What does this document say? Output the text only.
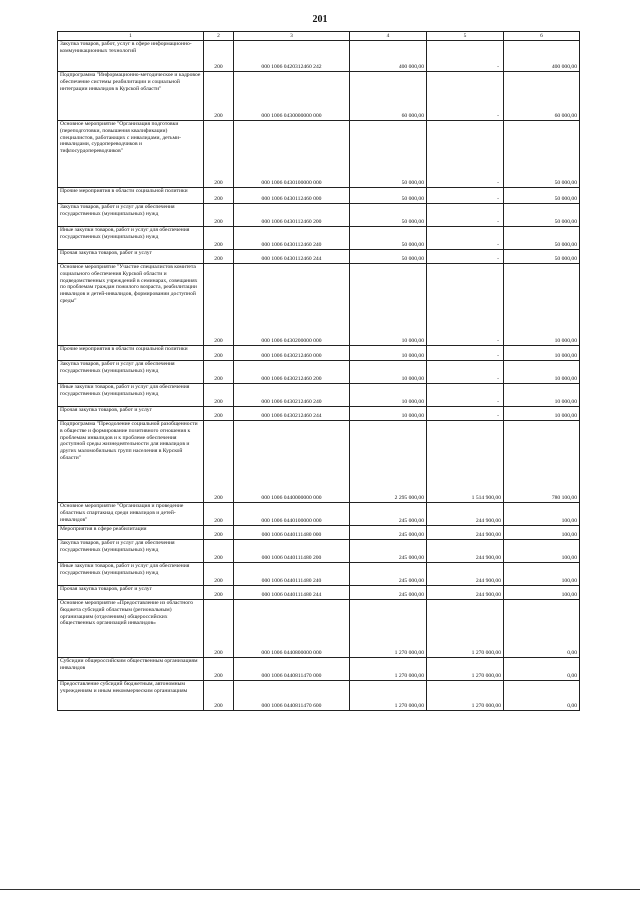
201
1	2	3	4	5	6
Закупка товаров, работ, услуг в сфере информационно-коммуникационных технологий	200	000 1006 0420312460 242	400 000,00	-	400 000,00
Подпрограмма "Информационно-методическое и кадровое обеспечение системы реабилитации и социальной интеграции инвалидов в Курской области"	200	000 1006 0430000000 000	60 000,00	-	60 000,00
Основное мероприятие "Организация подготовки (переподготовки, повышения квалификации) специалистов, работающих с инвалидами, детьми-инвалидами, сурдопереводчиков и тифлосурдопереводчиков"	200	000 1006 0430100000 000	50 000,00	-	50 000,00
Прочие мероприятия в области социальной политики	200	000 1006 0430112460 000	50 000,00	-	50 000,00
Закупка товаров, работ и услуг для обеспечения государственных (муниципальных) нужд	200	000 1006 0430112460 200	50 000,00	-	50 000,00
Иные закупки товаров, работ и услуг для обеспечения государственных (муниципальных) нужд	200	000 1006 0430112460 240	50 000,00	-	50 000,00
Прочая закупка товаров, работ и услуг	200	000 1006 0430112460 244	50 000,00	-	50 000,00
Основное мероприятие "Участие специалистов комитета социального обеспечения Курской области и подведомственных учреждений в семинарах, совещаниях по проблемам граждан пожилого возраста, реабилитации инвалидов и детей-инвалидов, формировании доступной среды"	200	000 1006 0430200000 000	10 000,00	-	10 000,00
Прочие мероприятия в области социальной политики	200	000 1006 0430212460 000	10 000,00	-	10 000,00
Закупка товаров, работ и услуг для обеспечения государственных (муниципальных) нужд	200	000 1006 0430212460 200	10 000,00	-	10 000,00
Иные закупки товаров, работ и услуг для обеспечения государственных (муниципальных) нужд	200	000 1006 0430212460 240	10 000,00	-	10 000,00
Прочая закупка товаров, работ и услуг	200	000 1006 0430212460 244	10 000,00	-	10 000,00
Подпрограмма "Преодоление социальной разобщенности в обществе и формирование позитивного отношения к проблемам инвалидов и к проблеме обеспечения доступной среды жизнедеятельности для инвалидов и других маломобильных групп населения в Курской области"	200	000 1006 0440000000 000	2 295 000,00	1 514 900,00	780 100,00
Основное мероприятие "Организация и проведение областных спартакиад среди инвалидов и детей-инвалидов"	200	000 1006 0440100000 000	245 000,00	244 900,00	100,00
Мероприятия в сфере реабилитации	200	000 1006 0440111480 000	245 000,00	244 900,00	100,00
Закупка товаров, работ и услуг для обеспечения государственных (муниципальных) нужд	200	000 1006 0440111480 200	245 000,00	244 900,00	100,00
Иные закупки товаров, работ и услуг для обеспечения государственных (муниципальных) нужд	200	000 1006 0440111480 240	245 000,00	244 900,00	100,00
Прочая закупка товаров, работ и услуг	200	000 1006 0440111480 244	245 000,00	244 900,00	100,00
Основное мероприятие «Предоставление из областного бюджета субсидий областным (региональным) организациям (отделениям) общероссийских общественных организаций инвалидов»	200	000 1006 0440800000 000	1 270 000,00	1 270 000,00	0,00
Субсидии общероссийским общественным организациям инвалидов	200	000 1006 0440811470 000	1 270 000,00	1 270 000,00	0,00
Предоставление субсидий бюджетным, автономным учреждениям и иным некоммерческим организациям	200	000 1006 0440811470 600	1 270 000,00	1 270 000,00	0,00
